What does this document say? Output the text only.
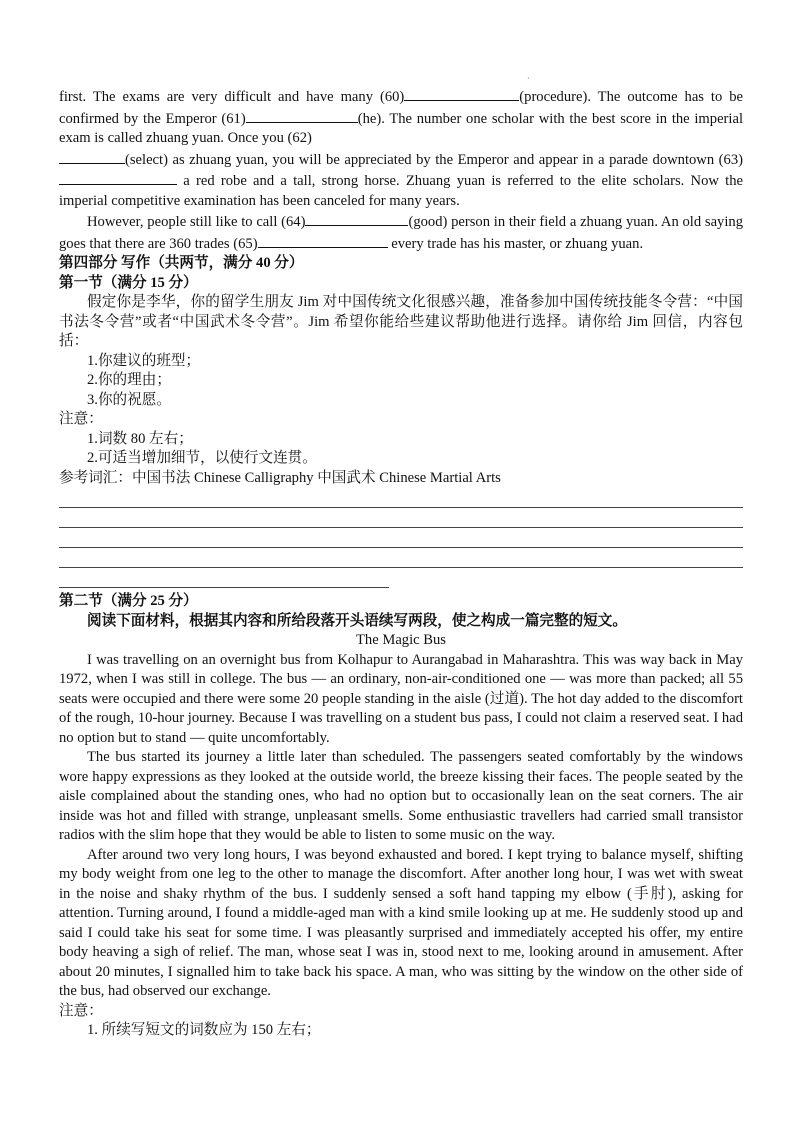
·

first. The exams are very difficult and have many (60)	(procedure). The outcome has to be confirmed by the Emperor (61)	(he). The number one scholar with the best score in the imperial exam is called zhuang yuan. Once you (62)
(select) as zhuang yuan, you will be appreciated by the Emperor and appear in a parade downtown (63) a red robe and a tall, strong horse. Zhuang yuan is referred to the elite scholars. Now the imperial competitive examination has been canceled for many years.

However, people still like to call (64)	(good) person in their field a zhuang yuan. An old saying goes that there are 360 trades (65)	every trade has his master, or zhuang yuan.

第四部分 写作（共两节，满分 40 分）
第一节（满分 15 分）

假定你是李华，你的留学生朋友 Jim 对中国传统文化很感兴趣，准备参加中国传统技能冬令营：“中国书法冬令营”或者“中国武术冬令营”。Jim 希望你能给些建议帮助他进行选择。请你给 Jim 回信，内容包括：

1.你建议的班型；

2.你的理由；

3.你的祝愿。

注意：

1.词数 80 左右；

2.可适当增加细节，以使行文连贯。

参考词汇：中国书法 Chinese Calligraphy 中国武术 Chinese Martial Arts

第二节（满分 25 分）

阅读下面材料，根据其内容和所给段落开头语续写两段，使之构成一篇完整的短文。

The Magic Bus

I was travelling on an overnight bus from Kolhapur to Aurangabad in Maharashtra. This was way back in May 1972, when I was still in college. The bus — an ordinary, non-air-conditioned one — was more than packed; all 55 seats were occupied and there were some 20 people standing in the aisle (过道). The hot day added to the discomfort of the rough, 10-hour journey. Because I was travelling on a student bus pass, I could not claim a reserved seat. I had no option but to stand — quite uncomfortably.

The bus started its journey a little later than scheduled. The passengers seated comfortably by the windows wore happy expressions as they looked at the outside world, the breeze kissing their faces. The people seated by the aisle complained about the standing ones, who had no option but to occasionally lean on the seat corners. The air inside was hot and filled with strange, unpleasant smells. Some enthusiastic travellers had carried small transistor radios with the slim hope that they would be able to listen to some music on the way.

After around two very long hours, I was beyond exhausted and bored. I kept trying to balance myself, shifting my body weight from one leg to the other to manage the discomfort. After another long hour, I was wet with sweat in the noise and shaky rhythm of the bus. I suddenly sensed a soft hand tapping my elbow (手肘), asking for attention. Turning around, I found a middle-aged man with a kind smile looking up at me. He suddenly stood up and said I could take his seat for some time. I was pleasantly surprised and immediately accepted his offer, my entire body heaving a sigh of relief. The man, whose seat I was in, stood next to me, looking around in amusement. After about 20 minutes, I signalled him to take back his space. A man, who was sitting by the window on the other side of the bus, had observed our exchange.

注意：

1. 所续写短文的词数应为 150 左右；
